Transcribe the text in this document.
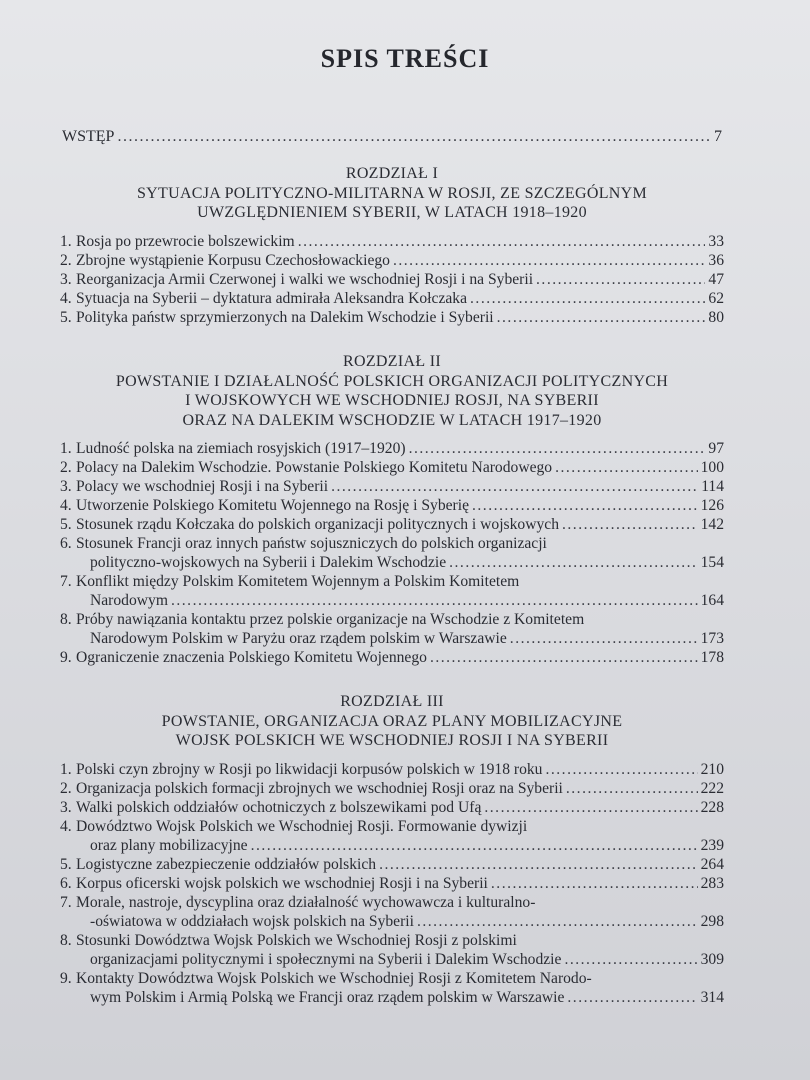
SPIS TREŚCI
WSTĘP .....	7
ROZDZIAŁ I
SYTUACJA POLITYCZNO-MILITARNA W ROSJI, ZE SZCZEGÓLNYM
UWZGLĘDNIENIEM SYBERII, W LATACH 1918–1920
1. Rosja po przewrocie bolszewickim .....	33
2. Zbrojne wystąpienie Korpusu Czechosłowackiego .....	36
3. Reorganizacja Armii Czerwonej i walki we wschodniej Rosji i na Syberii .....	47
4. Sytuacja na Syberii – dyktatura admirała Aleksandra Kołczaka .....	62
5. Polityka państw sprzymierzonych na Dalekim Wschodzie i Syberii .....	80
ROZDZIAŁ II
POWSTANIE I DZIAŁALNOŚĆ POLSKICH ORGANIZACJI POLITYCZNYCH
I WOJSKOWYCH WE WSCHODNIEJ ROSJI, NA SYBERII
ORAZ NA DALEKIM WSCHODZIE W LATACH 1917–1920
1. Ludność polska na ziemiach rosyjskich (1917–1920) .....	97
2. Polacy na Dalekim Wschodzie. Powstanie Polskiego Komitetu Narodowego .....	100
3. Polacy we wschodniej Rosji i na Syberii .....	114
4. Utworzenie Polskiego Komitetu Wojennego na Rosję i Syberię .....	126
5. Stosunek rządu Kołczaka do polskich organizacji politycznych i wojskowych .....	142
6. Stosunek Francji oraz innych państw sojuszniczych do polskich organizacji
polityczno-wojskowych na Syberii i Dalekim Wschodzie .....	154
7. Konflikt między Polskim Komitetem Wojennym a Polskim Komitetem
Narodowym .....	164
8. Próby nawiązania kontaktu przez polskie organizacje na Wschodzie z Komitetem
Narodowym Polskim w Paryżu oraz rządem polskim w Warszawie .....	173
9. Ograniczenie znaczenia Polskiego Komitetu Wojennego .....	178
ROZDZIAŁ III
POWSTANIE, ORGANIZACJA ORAZ PLANY MOBILIZACYJNE
WOJSK POLSKICH WE WSCHODNIEJ ROSJI I NA SYBERII
1. Polski czyn zbrojny w Rosji po likwidacji korpusów polskich w 1918 roku .....	210
2. Organizacja polskich formacji zbrojnych we wschodniej Rosji oraz na Syberii .....	222
3. Walki polskich oddziałów ochotniczych z bolszewikami pod Ufą .....	228
4. Dowództwo Wojsk Polskich we Wschodniej Rosji. Formowanie dywizji
oraz plany mobilizacyjne .....	239
5. Logistyczne zabezpieczenie oddziałów polskich .....	264
6. Korpus oficerski wojsk polskich we wschodniej Rosji i na Syberii .....	283
7. Morale, nastroje, dyscyplina oraz działalność wychowawcza i kulturalno-
-oświatowa w oddziałach wojsk polskich na Syberii .....	298
8. Stosunki Dowództwa Wojsk Polskich we Wschodniej Rosji z polskimi
organizacjami politycznymi i społecznymi na Syberii i Dalekim Wschodzie .....	309
9. Kontakty Dowództwa Wojsk Polskich we Wschodniej Rosji z Komitetem Narodo-
wym Polskim i Armią Polską we Francji oraz rządem polskim w Warszawie .....	314
